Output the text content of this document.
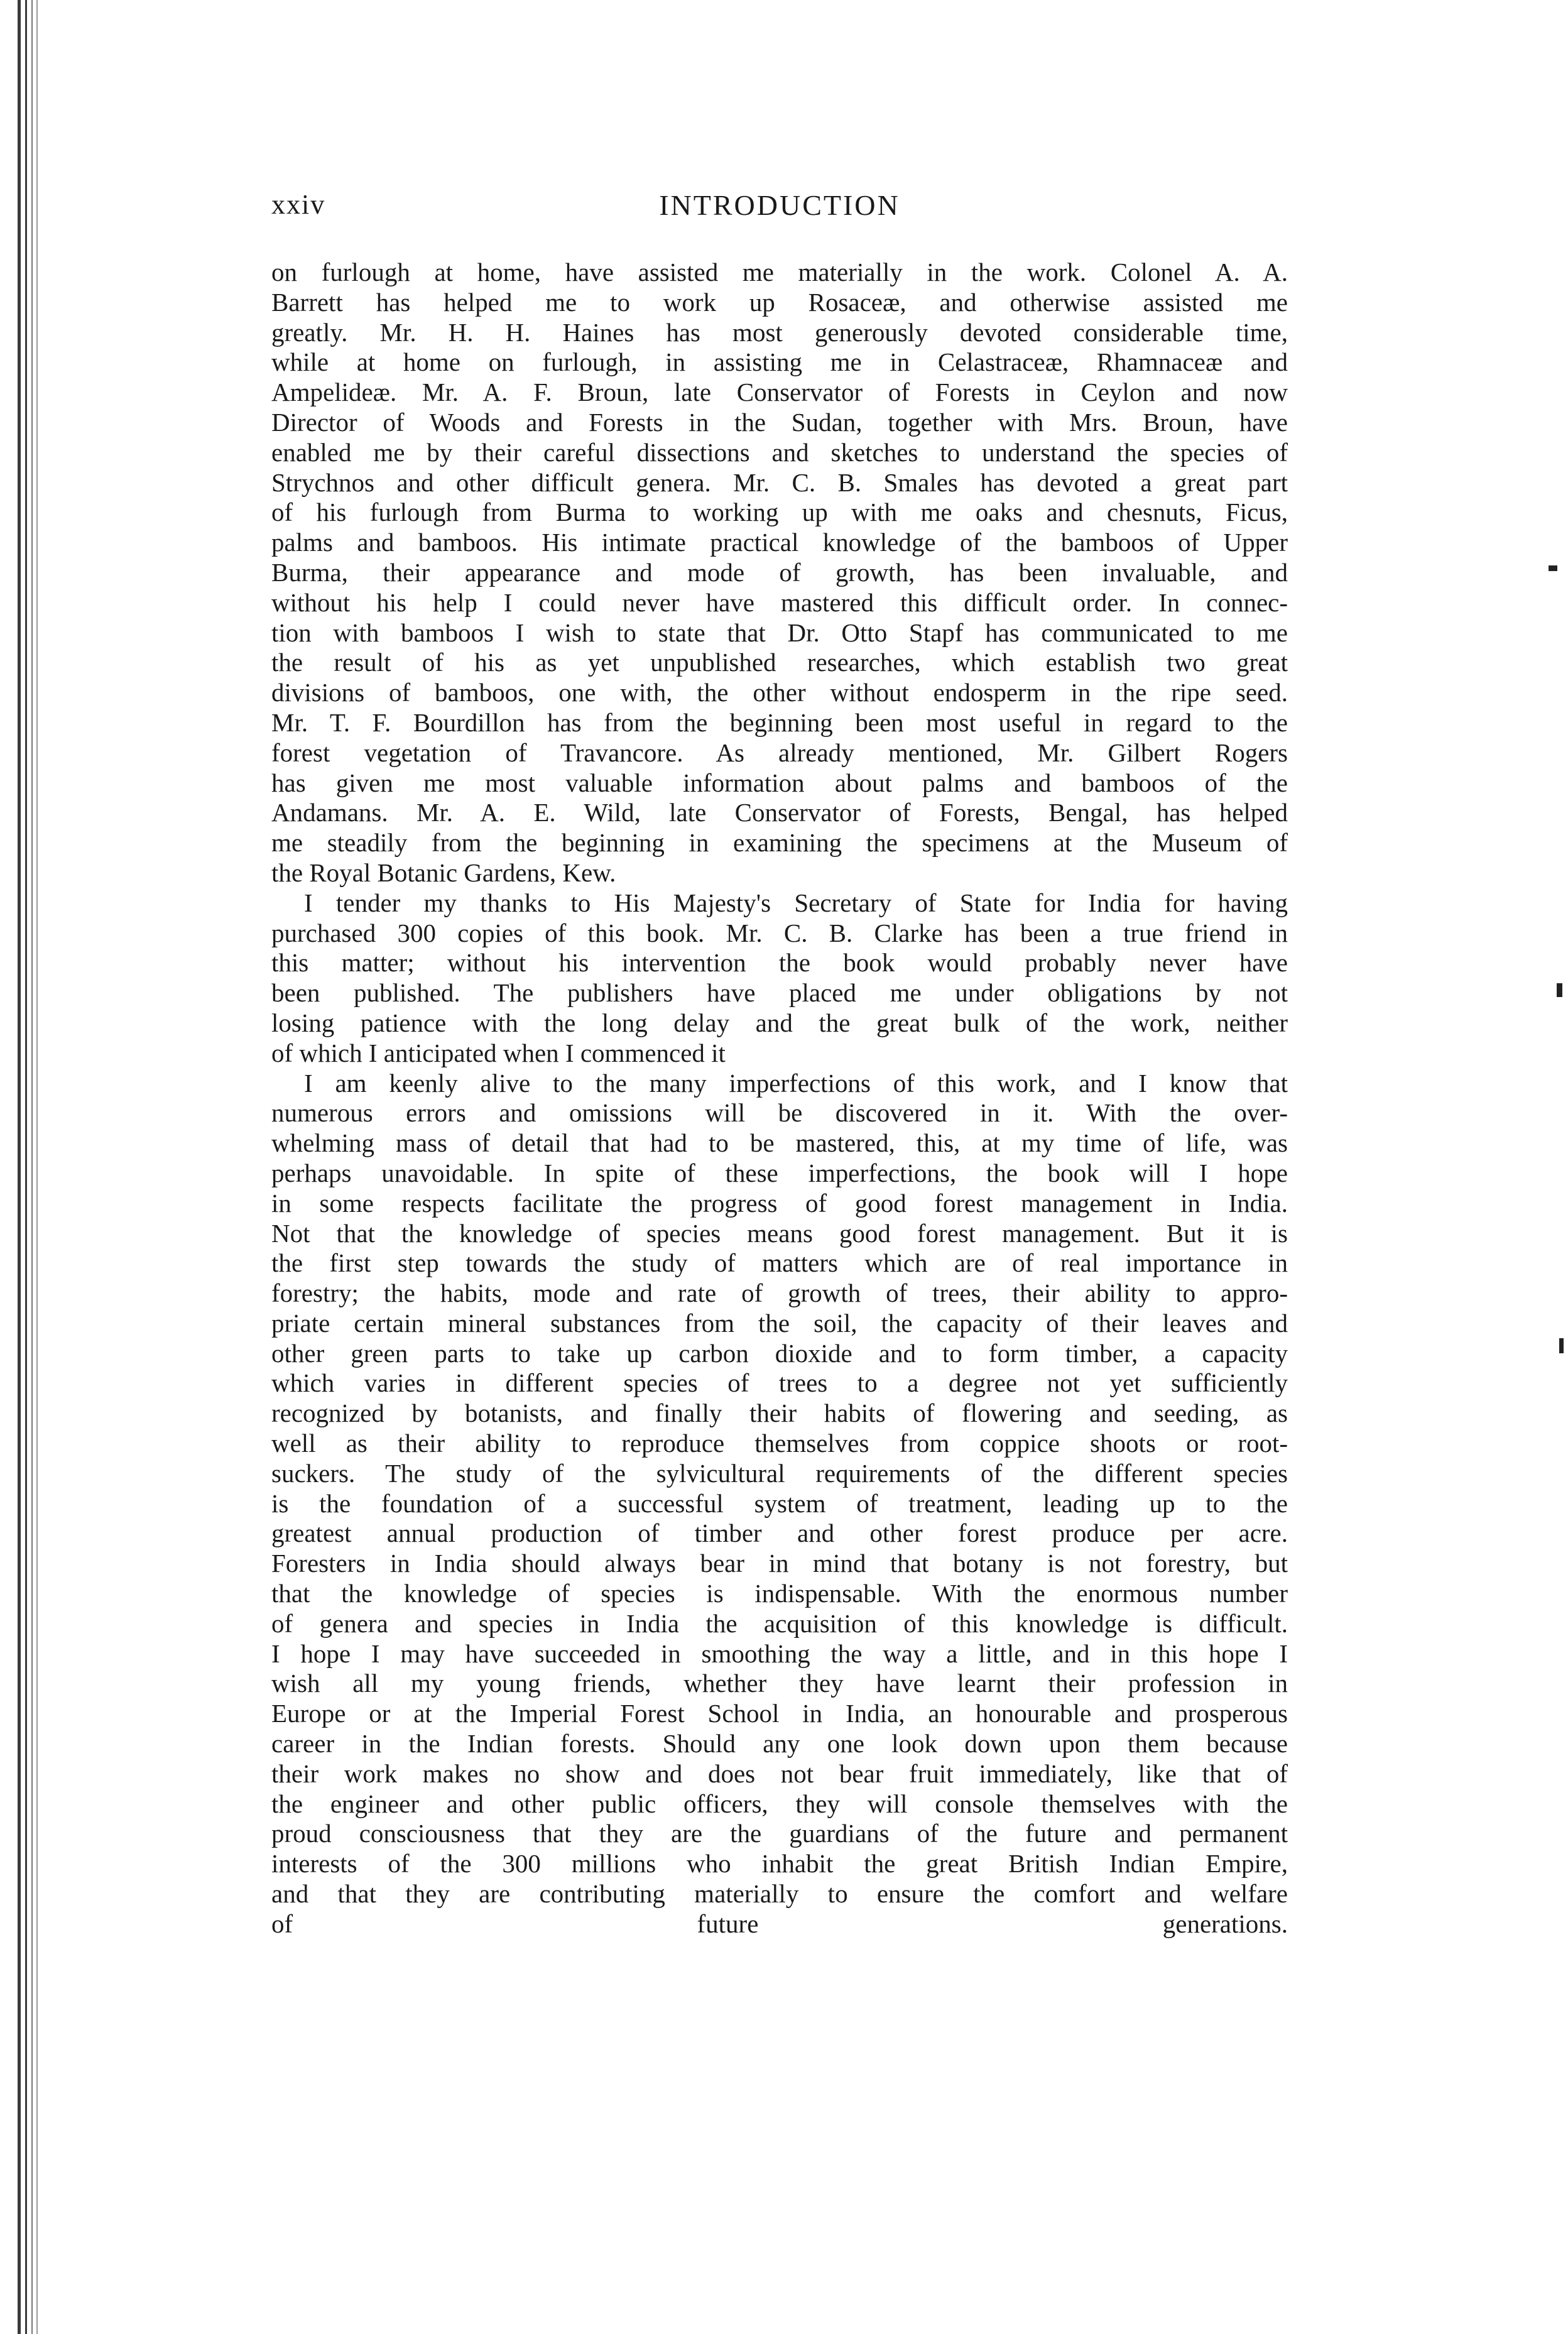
xxiv	INTRODUCTION
on furlough at home, have assisted me materially in the work. Colonel A. A.
Barrett has helped me to work up Rosaceæ, and otherwise assisted me
greatly. Mr. H. H. Haines has most generously devoted considerable time,
while at home on furlough, in assisting me in Celastraceæ, Rhamnaceæ and
Ampelideæ. Mr. A. F. Broun, late Conservator of Forests in Ceylon and now
Director of Woods and Forests in the Sudan, together with Mrs. Broun, have
enabled me by their careful dissections and sketches to understand the species of
Strychnos and other difficult genera. Mr. C. B. Smales has devoted a great part
of his furlough from Burma to working up with me oaks and chesnuts, Ficus,
palms and bamboos. His intimate practical knowledge of the bamboos of Upper
Burma, their appearance and mode of growth, has been invaluable, and
without his help I could never have mastered this difficult order. In connec-
tion with bamboos I wish to state that Dr. Otto Stapf has communicated to me
the result of his as yet unpublished researches, which establish two great
divisions of bamboos, one with, the other without endosperm in the ripe seed.
Mr. T. F. Bourdillon has from the beginning been most useful in regard to the
forest vegetation of Travancore. As already mentioned, Mr. Gilbert Rogers
has given me most valuable information about palms and bamboos of the
Andamans. Mr. A. E. Wild, late Conservator of Forests, Bengal, has helped
me steadily from the beginning in examining the specimens at the Museum of
the Royal Botanic Gardens, Kew.
I tender my thanks to His Majesty's Secretary of State for India for having
purchased 300 copies of this book. Mr. C. B. Clarke has been a true friend in
this matter; without his intervention the book would probably never have
been published. The publishers have placed me under obligations by not
losing patience with the long delay and the great bulk of the work, neither
of which I anticipated when I commenced it
I am keenly alive to the many imperfections of this work, and I know that
numerous errors and omissions will be discovered in it. With the over-
whelming mass of detail that had to be mastered, this, at my time of life, was
perhaps unavoidable. In spite of these imperfections, the book will I hope
in some respects facilitate the progress of good forest management in India.
Not that the knowledge of species means good forest management. But it is
the first step towards the study of matters which are of real importance in
forestry; the habits, mode and rate of growth of trees, their ability to appro-
priate certain mineral substances from the soil, the capacity of their leaves and
other green parts to take up carbon dioxide and to form timber, a capacity
which varies in different species of trees to a degree not yet sufficiently
recognized by botanists, and finally their habits of flowering and seeding, as
well as their ability to reproduce themselves from coppice shoots or root-
suckers. The study of the sylvicultural requirements of the different species
is the foundation of a successful system of treatment, leading up to the
greatest annual production of timber and other forest produce per acre.
Foresters in India should always bear in mind that botany is not forestry, but
that the knowledge of species is indispensable. With the enormous number
of genera and species in India the acquisition of this knowledge is difficult.
I hope I may have succeeded in smoothing the way a little, and in this hope I
wish all my young friends, whether they have learnt their profession in
Europe or at the Imperial Forest School in India, an honourable and prosperous
career in the Indian forests. Should any one look down upon them because
their work makes no show and does not bear fruit immediately, like that of
the engineer and other public officers, they will console themselves with the
proud consciousness that they are the guardians of the future and permanent
interests of the 300 millions who inhabit the great British Indian Empire,
and that they are contributing materially to ensure the comfort and welfare
of future generations.
